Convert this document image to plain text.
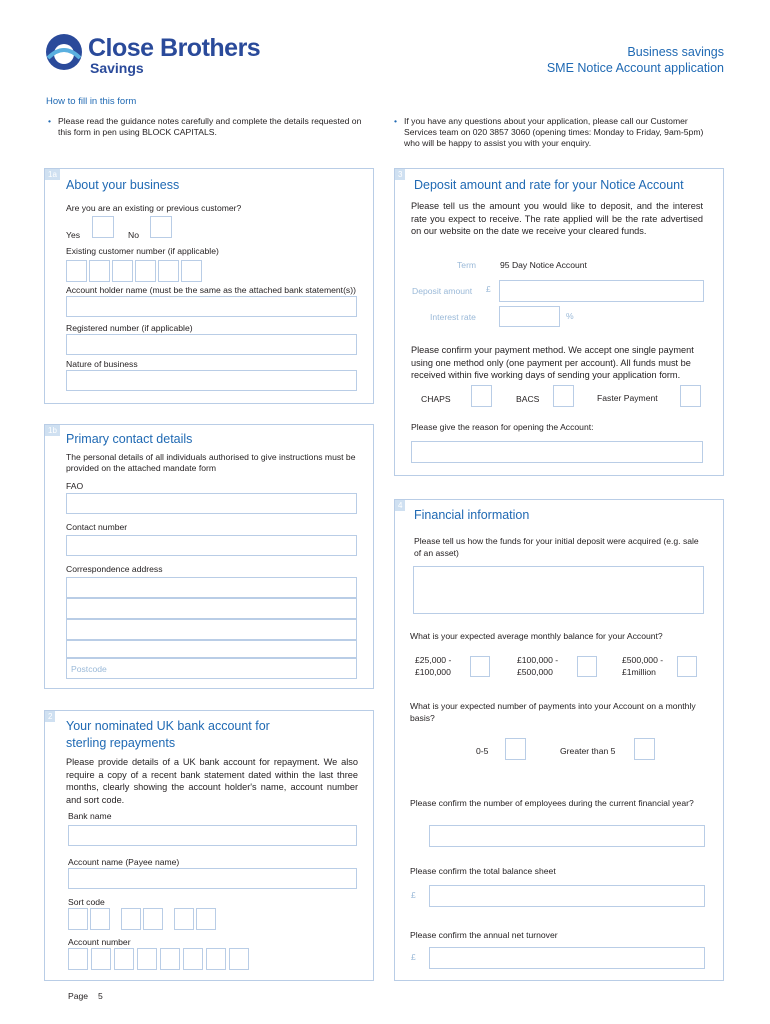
Close Brothers
Savings
Business savings
SME Notice Account application
How to fill in this form
• Please read the guidance notes carefully and complete the details requested on this form in pen using BLOCK CAPITALS.
• If you have any questions about your application, please call our Customer Services team on 020 3857 3060 (opening times: Monday to Friday, 9am-5pm) who will be happy to assist you with your enquiry.
1a
About your business
Are you are an existing or previous customer?
Yes	No
Existing customer number (if applicable)
Account holder name (must be the same as the attached bank statement(s))
Registered number (if applicable)
Nature of business
1b
Primary contact details
The personal details of all individuals authorised to give instructions must be provided on the attached mandate form
FAO
Contact number
Correspondence address
Postcode
2
Your nominated UK bank account for
sterling repayments
Please provide details of a UK bank account for repayment. We also require a copy of a recent bank statement dated within the last three months, clearly showing the account holder's name, account number and sort code.
Bank name
Account name (Payee name)
Sort code
Account number
3
Deposit amount and rate for your Notice Account
Please tell us the amount you would like to deposit, and the interest rate you expect to receive. The rate applied will be the rate advertised on our website on the date we receive your cleared funds.
Term	95 Day Notice Account
Deposit amount £
Interest rate	%
Please confirm your payment method. We accept one single payment using one method only (one payment per account). All funds must be received within five working days of sending your application form.
CHAPS	BACS	Faster Payment
Please give the reason for opening the Account:
4
Financial information
Please tell us how the funds for your initial deposit were acquired (e.g. sale of an asset)
What is your expected average monthly balance for your Account?
£25,000 -
£100,000
£100,000 -
£500,000
£500,000 -
£1million
What is your expected number of payments into your Account on a monthly basis?
0-5	Greater than 5
Please confirm the number of employees during the current financial year?
Please confirm the total balance sheet
£
Please confirm the annual net turnover
£
Page 5
